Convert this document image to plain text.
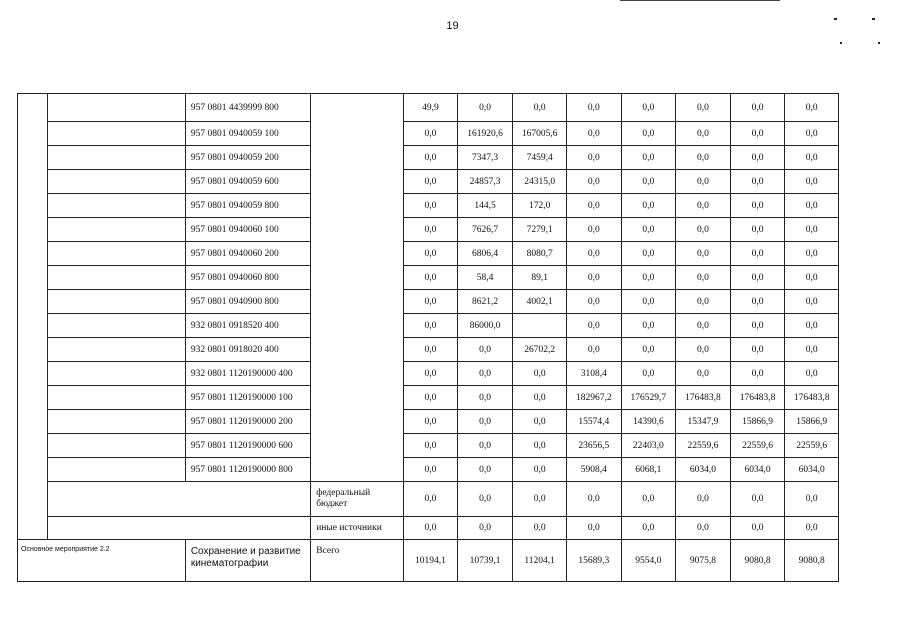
19
		957 0801 4439999 800		49,9	0,0	0,0	0,0	0,0	0,0	0,0	0,0
		957 0801 0940059 100		0,0	161920,6	167005,6	0,0	0,0	0,0	0,0	0,0
		957 0801 0940059 200		0,0	7347,3	7459,4	0,0	0,0	0,0	0,0	0,0
		957 0801 0940059 600		0,0	24857,3	24315,0	0,0	0,0	0,0	0,0	0,0
		957 0801 0940059 800		0,0	144,5	172,0	0,0	0,0	0,0	0,0	0,0
		957 0801 0940060 100		0,0	7626,7	7279,1	0,0	0,0	0,0	0,0	0,0
		957 0801 0940060 200		0,0	6806,4	8080,7	0,0	0,0	0,0	0,0	0,0
		957 0801 0940060 800		0,0	58,4	89,1	0,0	0,0	0,0	0,0	0,0
		957 0801 0940900 800		0,0	8621,2	4002,1	0,0	0,0	0,0	0,0	0,0
		932 0801 0918520 400		0,0	86000,0		0,0	0,0	0,0	0,0	0,0
		932 0801 0918020 400		0,0	0,0	26702,2	0,0	0,0	0,0	0,0	0,0
		932 0801 1120190000 400		0,0	0,0	0,0	3108,4	0,0	0,0	0,0	0,0
		957 0801 1120190000 100		0,0	0,0	0,0	182967,2	176529,7	176483,8	176483,8	176483,8
		957 0801 1120190000 200		0,0	0,0	0,0	15574,4	14390,6	15347,9	15866,9	15866,9
		957 0801 1120190000 600		0,0	0,0	0,0	23656,5	22403,0	22559,6	22559,6	22559,6
		957 0801 1120190000 800		0,0	0,0	0,0	5908,4	6068,1	6034,0	6034,0	6034,0
			федеральный бюджет	0,0	0,0	0,0	0,0	0,0	0,0	0,0	0,0
			иные источники	0,0	0,0	0,0	0,0	0,0	0,0	0,0	0,0
Основное мероприятие 2.2		Сохранение и развитие кинематографии	Всего	10194,1	10739,1	11204,1	15689,3	9554,0	9075,8	9080,8	9080,8
